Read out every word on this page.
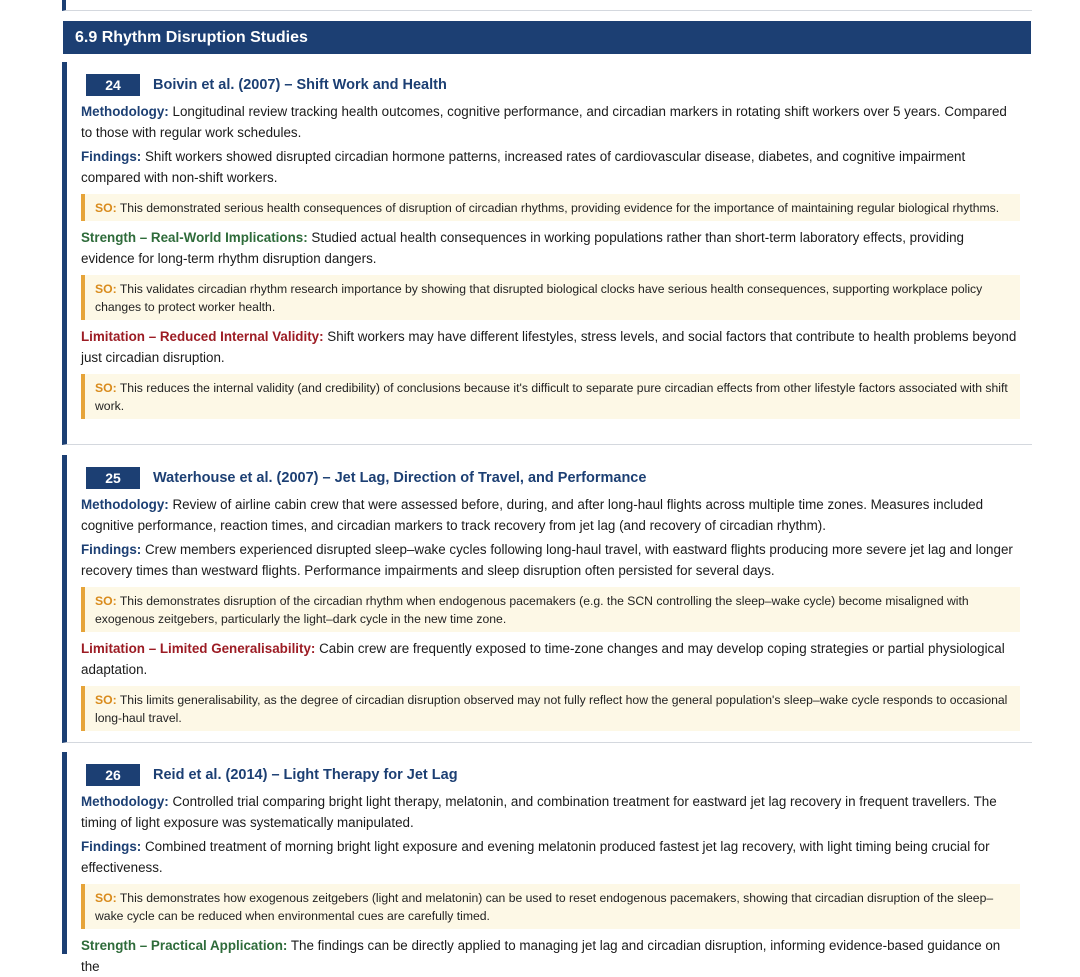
6.9 Rhythm Disruption Studies
24	Boivin et al. (2007) – Shift Work and Health

Methodology: Longitudinal review tracking health outcomes, cognitive performance, and circadian markers in rotating shift workers over 5 years. Compared to those with regular work schedules.

Findings: Shift workers showed disrupted circadian hormone patterns, increased rates of cardiovascular disease, diabetes, and cognitive impairment compared with non-shift workers.

SO: This demonstrated serious health consequences of disruption of circadian rhythms, providing evidence for the importance of maintaining regular biological rhythms.

Strength – Real-World Implications: Studied actual health consequences in working populations rather than short-term laboratory effects, providing evidence for long-term rhythm disruption dangers.

SO: This validates circadian rhythm research importance by showing that disrupted biological clocks have serious health consequences, supporting workplace policy changes to protect worker health.

Limitation – Reduced Internal Validity: Shift workers may have different lifestyles, stress levels, and social factors that contribute to health problems beyond just circadian disruption.

SO: This reduces the internal validity (and credibility) of conclusions because it's difficult to separate pure circadian effects from other lifestyle factors associated with shift work.
25	Waterhouse et al. (2007) – Jet Lag, Direction of Travel, and Performance

Methodology: Review of airline cabin crew that were assessed before, during, and after long-haul flights across multiple time zones. Measures included cognitive performance, reaction times, and circadian markers to track recovery from jet lag (and recovery of circadian rhythm).

Findings: Crew members experienced disrupted sleep–wake cycles following long-haul travel, with eastward flights producing more severe jet lag and longer recovery times than westward flights. Performance impairments and sleep disruption often persisted for several days.

SO: This demonstrates disruption of the circadian rhythm when endogenous pacemakers (e.g. the SCN controlling the sleep–wake cycle) become misaligned with exogenous zeitgebers, particularly the light–dark cycle in the new time zone.

Limitation – Limited Generalisability: Cabin crew are frequently exposed to time-zone changes and may develop coping strategies or partial physiological adaptation.

SO: This limits generalisability, as the degree of circadian disruption observed may not fully reflect how the general population's sleep–wake cycle responds to occasional long-haul travel.
26	Reid et al. (2014) – Light Therapy for Jet Lag

Methodology: Controlled trial comparing bright light therapy, melatonin, and combination treatment for eastward jet lag recovery in frequent travellers. The timing of light exposure was systematically manipulated.

Findings: Combined treatment of morning bright light exposure and evening melatonin produced fastest jet lag recovery, with light timing being crucial for effectiveness.

SO: This demonstrates how exogenous zeitgebers (light and melatonin) can be used to reset endogenous pacemakers, showing that circadian disruption of the sleep–wake cycle can be reduced when environmental cues are carefully timed.

Strength – Practical Application: The findings can be directly applied to managing jet lag and circadian disruption, informing evidence-based guidance on the
